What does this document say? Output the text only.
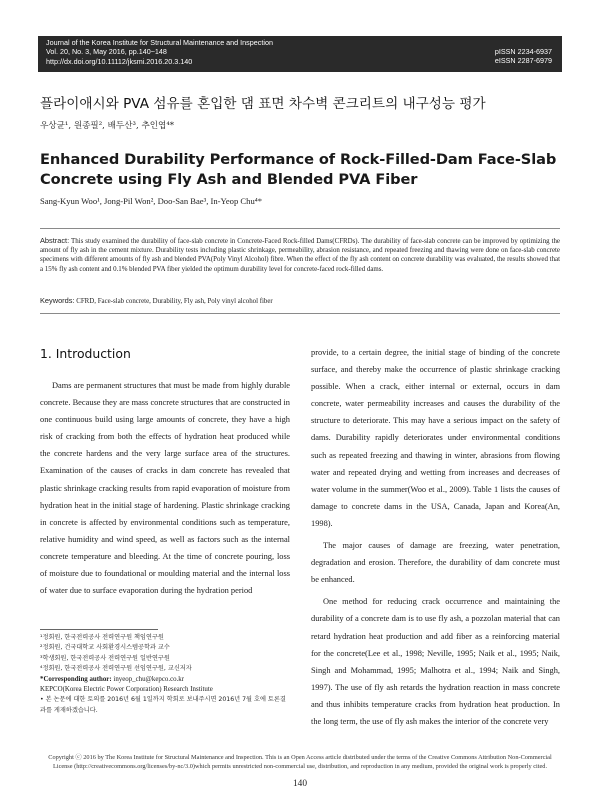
Journal of the Korea Institute for Structural Maintenance and Inspection
Vol. 20, No. 3, May 2016, pp.140~148
http://dx.doi.org/10.11112/jksmi.2016.20.3.140
pISSN 2234-6937
eISSN 2287-6979
플라이애시와 PVA 섬유를 혼입한 댐 표면 차수벽 콘크리트의 내구성능 평가
우상균¹, 원종필², 배두산³, 추인엽⁴*
Enhanced Durability Performance of Rock-Filled-Dam Face-Slab Concrete using Fly Ash and Blended PVA Fiber
Sang-Kyun Woo¹, Jong-Pil Won², Doo-San Bae³, In-Yeop Chu⁴*
Abstract: This study examined the durability of face-slab concrete in Concrete-Faced Rock-filled Dams(CFRDs). The durability of face-slab concrete can be improved by optimizing the amount of fly ash in the cement mixture. Durability tests including plastic shrinkage, permeability, abrasion resistance, and repeated freezing and thawing were done on face-slab concrete specimens with different amounts of fly ash and blended PVA(Poly Vinyl Alcohol) fibre. When the effect of the fly ash content on concrete durability was evaluated, the results showed that a 15% fly ash content and 0.1% blended PVA fiber yielded the optimum durability level for concrete-faced rock-filled dams.
Keywords: CFRD, Face-slab concrete, Durability, Fly ash, Poly vinyl alcohol fiber
1. Introduction

Dams are permanent structures that must be made from highly durable concrete. Because they are mass concrete structures that are constructed in one continuous build using large amounts of concrete, they have a high risk of cracking from both the effects of hydration heat produced while the concrete hardens and the very large surface area of the structures. Examination of the causes of cracks in dam concrete has revealed that plastic shrinkage cracking results from rapid evaporation of moisture from hydration heat in the initial stage of hardening. Plastic shrinkage cracking in concrete is affected by environmental conditions such as temperature, relative humidity and wind speed, as well as factors such as the internal concrete temperature and bleeding. At the time of concrete pouring, loss of moisture due to foundational or moulding material and the internal loss of water due to surface evaporation during the hydration period

provide, to a certain degree, the initial stage of binding of the concrete surface, and thereby make the occurrence of plastic shrinkage cracking possible. When a crack, either internal or external, occurs in dam concrete, water permeability increases and causes the durability of the structure to deteriorate. This may have a serious impact on the safety of dams. Durability rapidly deteriorates under environmental conditions such as repeated freezing and thawing in winter, abrasions from flowing water and repeated drying and wetting from increases and decreases of water volume in the summer(Woo et al., 2009). Table 1 lists the causes of damage to concrete dams in the USA, Canada, Japan and Korea(An, 1998).

The major causes of damage are freezing, water penetration, degradation and erosion. Therefore, the durability of dam concrete must be enhanced.

One method for reducing crack occurrence and maintaining the durability of a concrete dam is to use fly ash, a pozzolan material that can retard hydration heat production and add fiber as a reinforcing material for the concrete(Lee et al., 1998; Neville, 1995; Naik et al., 1995; Naik, Singh and Mohammad, 1995; Malhotra et al., 1994; Naik and Singh, 1997). The use of fly ash retards the hydration reaction in mass concrete and thus inhibits temperature cracks from hydration heat production. In the long term, the use of fly ash makes the interior of the concrete very

¹정회원, 한국전력공사 전력연구원 책임연구원
²정회원, 건국대학교 사회환경시스템공학과 교수
³학생회원, 한국전력공사 전력연구원 일반연구원
⁴정회원, 한국전력공사 전력연구원 선임연구원, 교신저자
*Corresponding author: inyeop_chu@kepco.co.kr
KEPCO(Korea Electric Power Corporation) Research Institute
• 본 논문에 대한 토의를 2016년 6월 1일까지 학회로 보내주시면 2016년 7월 호에 토론결과를 게재하겠습니다.
Copyright ⓒ 2016 by The Korea Institute for Structural Maintenance and Inspection. This is an Open Access article distributed under the terms of the Creative Commons Attribution Non-Commercial License (http://creativecommons.org/licenses/by-nc/3.0)which permits unrestricted non-commercial use, distribution, and reproduction in any medium, provided the original work is properly cited.
140
